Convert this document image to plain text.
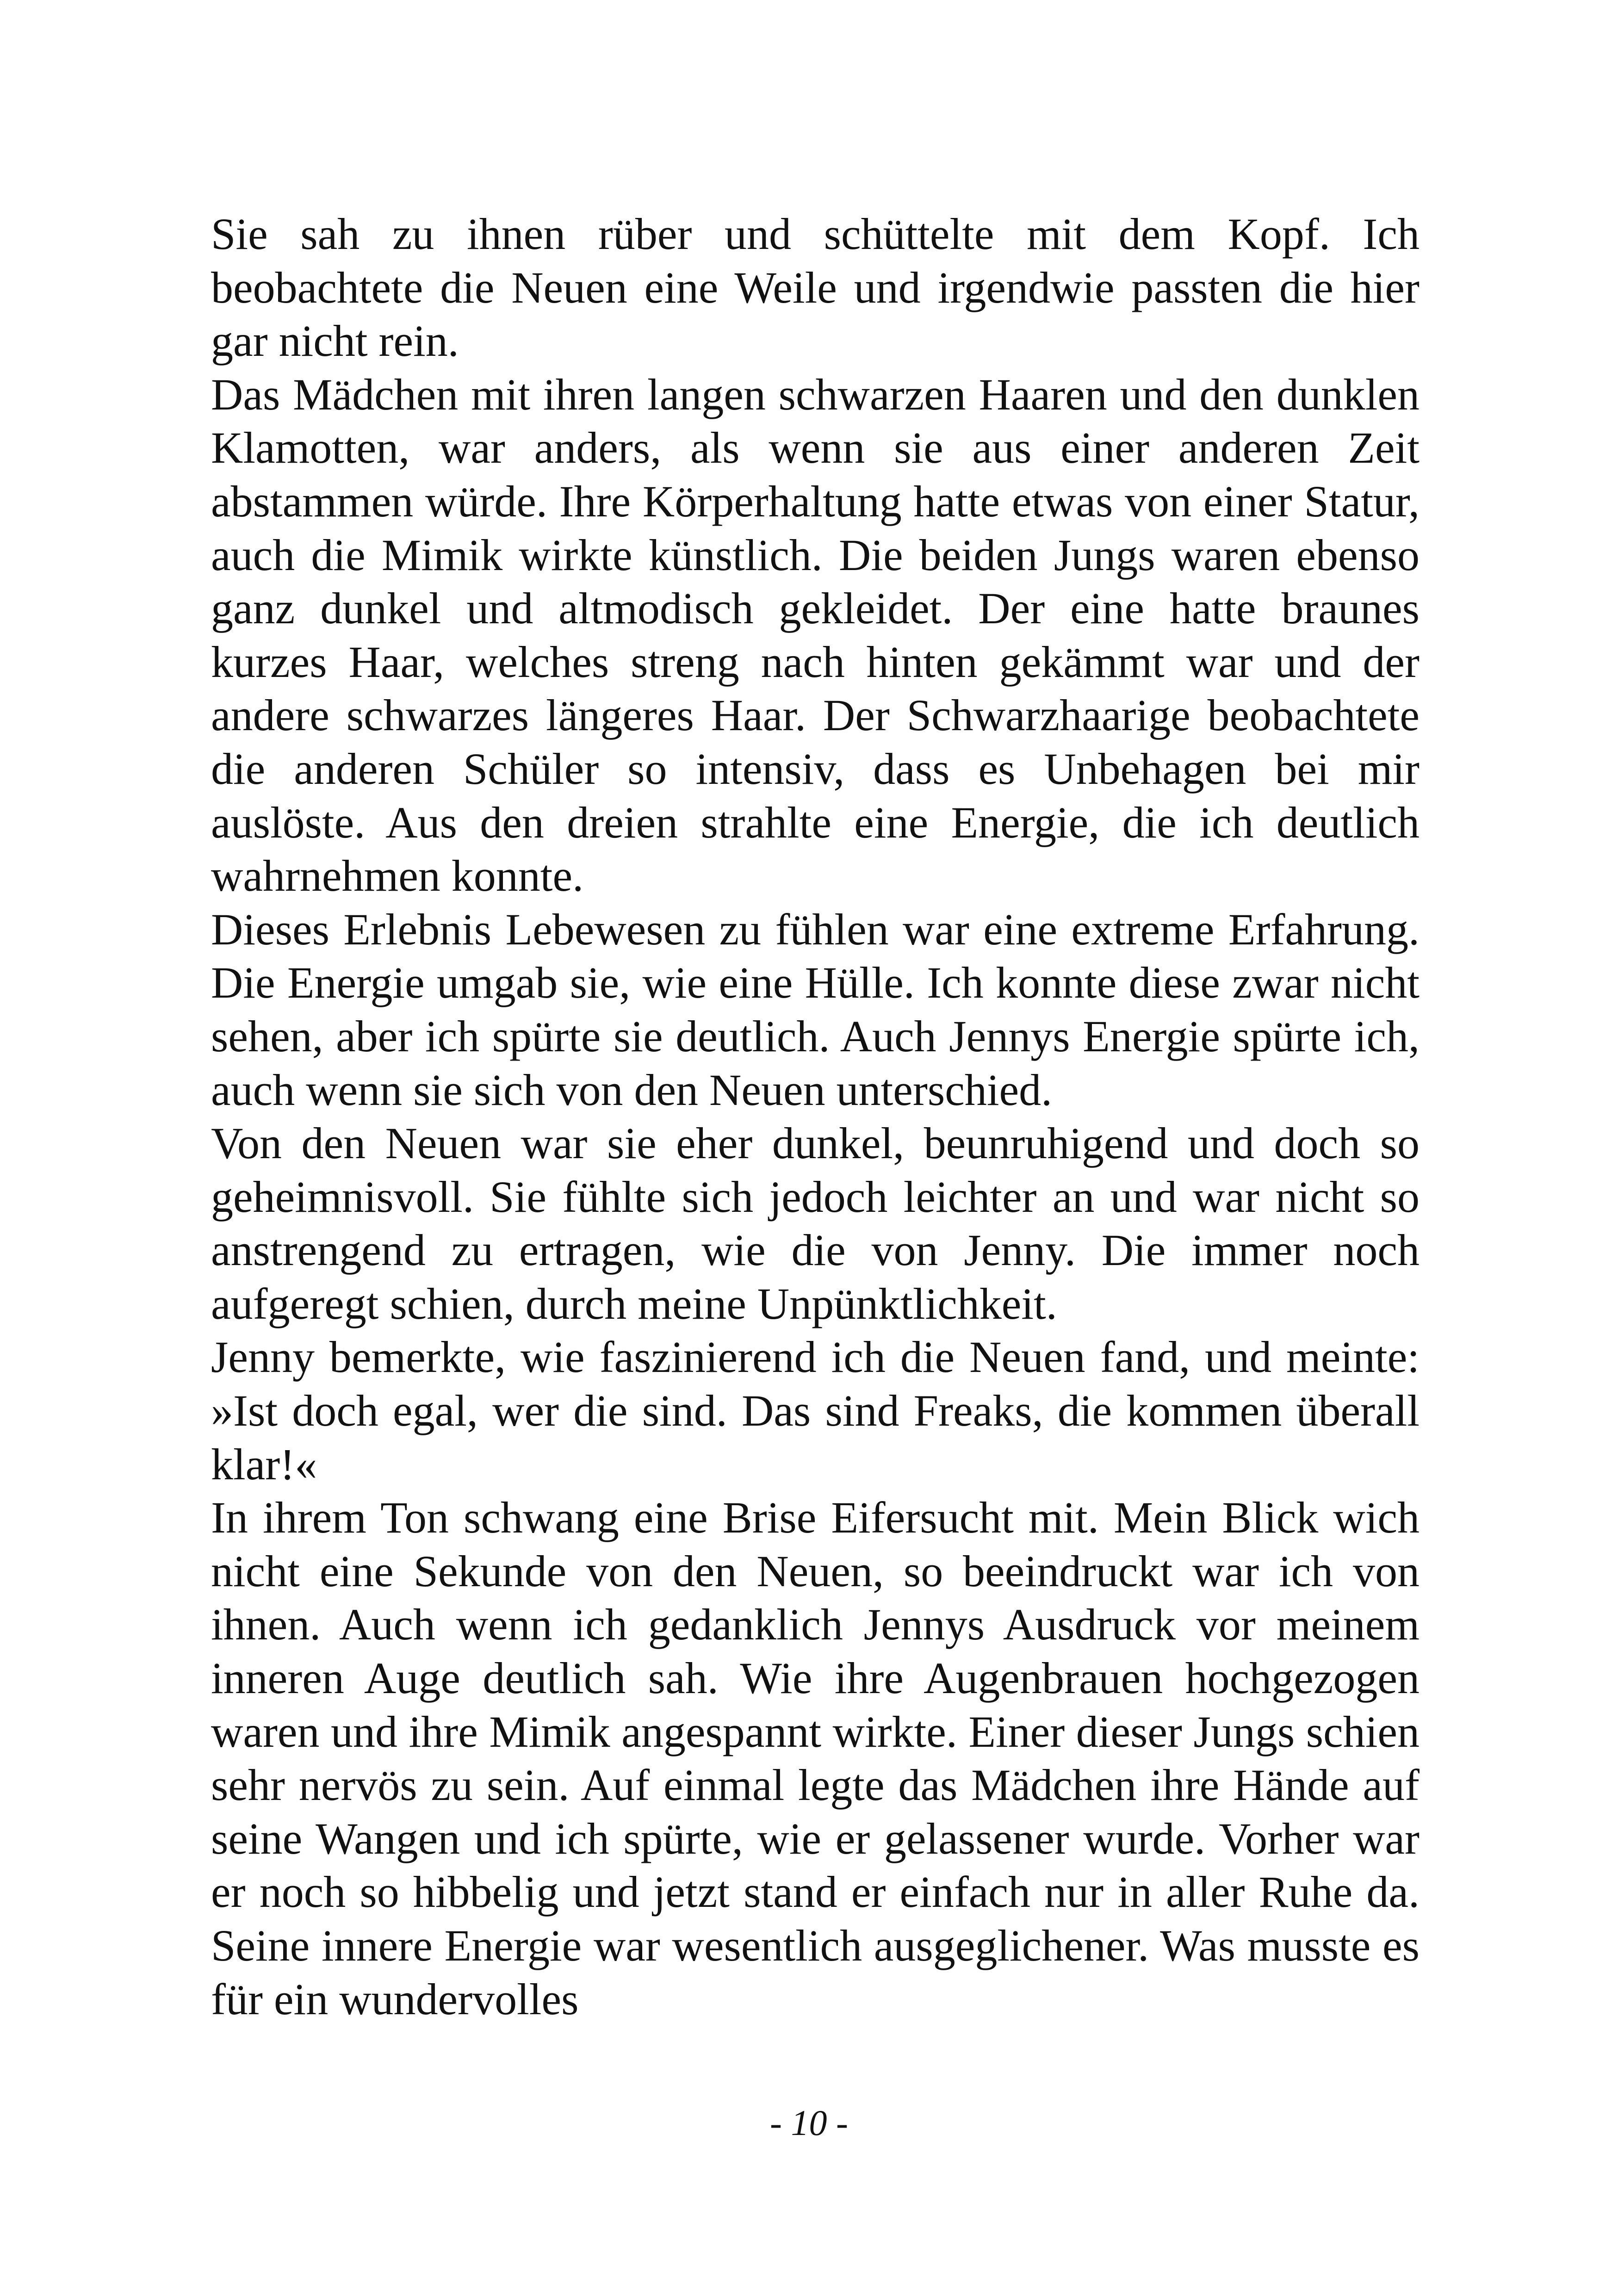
Sie sah zu ihnen rüber und schüttelte mit dem Kopf. Ich beobachtete die Neuen eine Weile und irgendwie passten die hier gar nicht rein.

Das Mädchen mit ihren langen schwarzen Haaren und den dunklen Klamotten, war anders, als wenn sie aus einer anderen Zeit abstammen würde. Ihre Körperhaltung hatte etwas von einer Statur, auch die Mimik wirkte künstlich. Die beiden Jungs waren ebenso ganz dunkel und altmodisch gekleidet. Der eine hatte braunes kurzes Haar, welches streng nach hinten gekämmt war und der andere schwarzes längeres Haar. Der Schwarzhaarige beobachtete die anderen Schüler so intensiv, dass es Unbehagen bei mir auslöste. Aus den dreien strahlte eine Energie, die ich deutlich wahrnehmen konnte.

Dieses Erlebnis Lebewesen zu fühlen war eine extreme Erfahrung. Die Energie umgab sie, wie eine Hülle. Ich konnte diese zwar nicht sehen, aber ich spürte sie deutlich. Auch Jennys Energie spürte ich, auch wenn sie sich von den Neuen unterschied.

Von den Neuen war sie eher dunkel, beunruhigend und doch so geheimnisvoll. Sie fühlte sich jedoch leichter an und war nicht so anstrengend zu ertragen, wie die von Jenny. Die immer noch aufgeregt schien, durch meine Unpünktlichkeit.

Jenny bemerkte, wie faszinierend ich die Neuen fand, und meinte: »Ist doch egal, wer die sind. Das sind Freaks, die kommen überall klar!«

In ihrem Ton schwang eine Brise Eifersucht mit. Mein Blick wich nicht eine Sekunde von den Neuen, so beeindruckt war ich von ihnen. Auch wenn ich gedanklich Jennys Ausdruck vor meinem inneren Auge deutlich sah. Wie ihre Augenbrauen hochgezogen waren und ihre Mimik angespannt wirkte. Einer dieser Jungs schien sehr nervös zu sein. Auf einmal legte das Mädchen ihre Hände auf seine Wangen und ich spürte, wie er gelassener wurde. Vorher war er noch so hibbelig und jetzt stand er einfach nur in aller Ruhe da. Seine innere Energie war wesentlich ausgeglichener. Was musste es für ein wundervolles

- 10 -
